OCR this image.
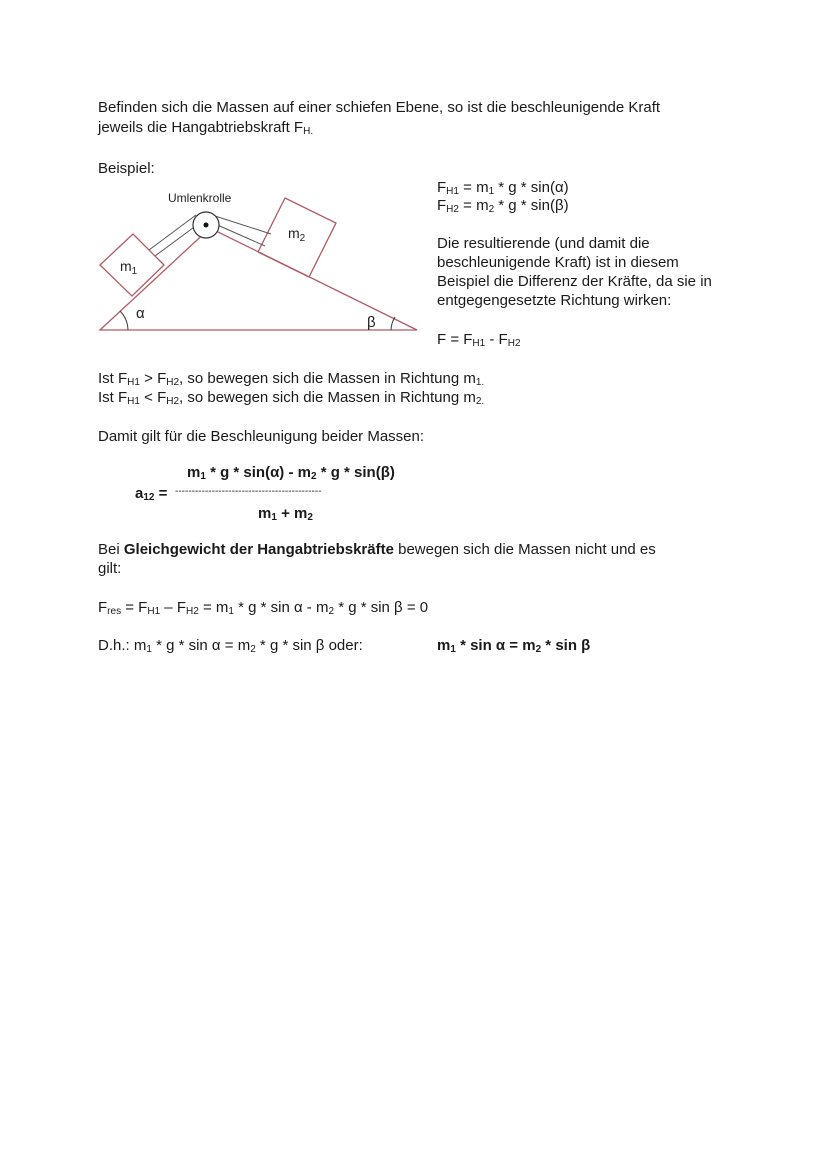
Befinden sich die Massen auf einer schiefen Ebene, so ist die beschleunigende Kraft
jeweils die Hangabtriebskraft $F_{H.}$
Beispiel:
α
β
$m_1$
$m_2$
Umlenkrolle
$F_{H1} = m_1 * g * \sin(\alpha)$
$F_{H2} = m_2 * g * \sin(\beta)$
Die resultierende (und damit die
beschleunigende Kraft) ist in diesem
Beispiel die Differenz der Kräfte, da sie in
entgegengesetzte Richtung wirken:
$F = F_{H1} - F_{H2}$
Ist $F_{H1} > F_{H2}$, so bewegen sich die Massen in Richtung $m_{1.}$
Ist $F_{H1} < F_{H2}$, so bewegen sich die Massen in Richtung $m_{2.}$
Damit gilt für die Beschleunigung beider Massen:
$m_1$ * g * $\sin(\alpha) - m_2$ * g * sin(β)
$a_{12}$ = --------------------------------------------
$m_1 + m_2$
Bei Gleichgewicht der Hangabtriebskräfte bewegen sich die Massen nicht und es
gilt:
$F_{res} = F_{H1} - F_{H2} = m_1 * g * \sin \alpha - m_2 * g * \sin \beta = 0$
D.h.: $m_1 * g * \sin \alpha = m_2 * g * \sin \beta$ oder:	$m_1 * \sin \alpha = m_2 * \sin \beta$
